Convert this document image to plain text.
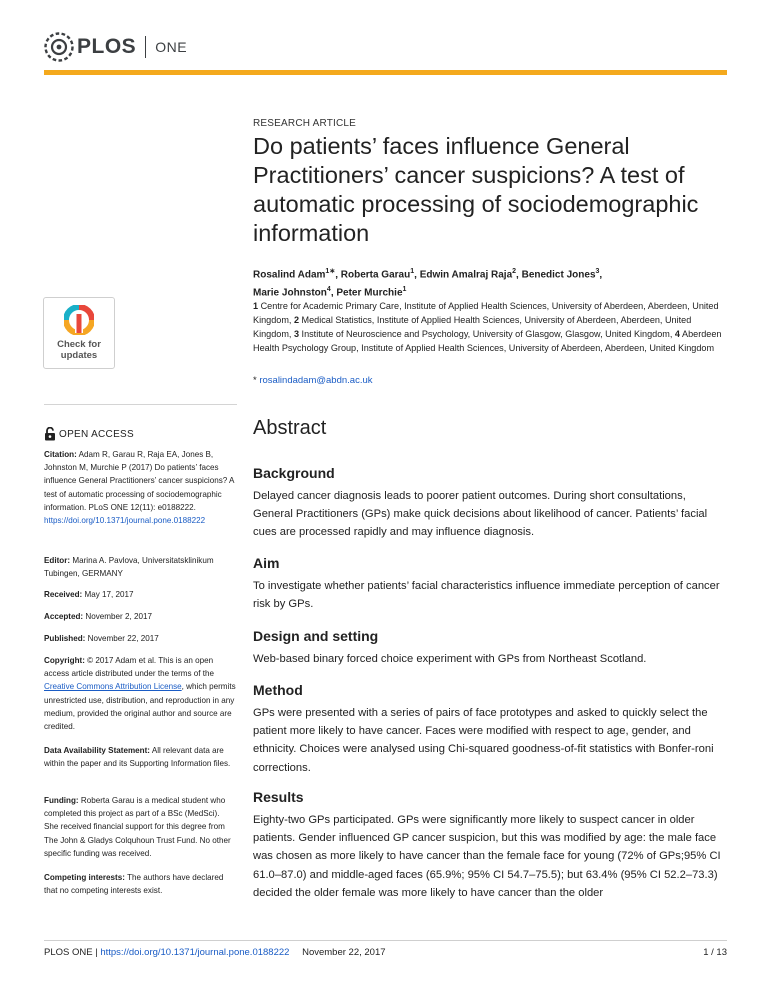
PLOS ONE
Check for updates
OPEN ACCESS

Citation: Adam R, Garau R, Raja EA, Jones B, Johnston M, Murchie P (2017) Do patients’ faces influence General Practitioners’ cancer suspicions? A test of automatic processing of sociodemographic information. PLoS ONE 12(11): e0188222. https://doi.org/10.1371/journal.pone.0188222

Editor: Marina A. Pavlova, Universitatsklinikum Tubingen, GERMANY

Received: May 17, 2017

Accepted: November 2, 2017

Published: November 22, 2017

Copyright: © 2017 Adam et al. This is an open access article distributed under the terms of the Creative Commons Attribution License, which permits unrestricted use, distribution, and reproduction in any medium, provided the original author and source are credited.

Data Availability Statement: All relevant data are within the paper and its Supporting Information files.

Funding: Roberta Garau is a medical student who completed this project as part of a BSc (MedSci). She received financial support for this degree from The John & Gladys Colquhoun Trust Fund. No other specific funding was received.

Competing interests: The authors have declared that no competing interests exist.

RESEARCH ARTICLE
Do patients’ faces influence General Practitioners’ cancer suspicions? A test of automatic processing of sociodemographic information

Rosalind Adam$^{1∗}$, Roberta Garau$^1$, Edwin Amalraj Raja$^2$, Benedict Jones$^3$,
Marie Johnston$^4$, Peter Murchie$^1$

1 Centre for Academic Primary Care, Institute of Applied Health Sciences, University of Aberdeen, Aberdeen, United Kingdom, 2 Medical Statistics, Institute of Applied Health Sciences, University of Aberdeen, Aberdeen, United Kingdom, 3 Institute of Neuroscience and Psychology, University of Glasgow, Glasgow, United Kingdom, 4 Aberdeen Health Psychology Group, Institute of Applied Health Sciences, University of Aberdeen, Aberdeen, United Kingdom

* rosalindadam@abdn.ac.uk
Abstract
Background

Delayed cancer diagnosis leads to poorer patient outcomes. During short consultations, General Practitioners (GPs) make quick decisions about likelihood of cancer. Patients’ facial cues are processed rapidly and may influence diagnosis.

Aim

To investigate whether patients’ facial characteristics influence immediate perception of cancer risk by GPs.

Design and setting

Web-based binary forced choice experiment with GPs from Northeast Scotland.

Method

GPs were presented with a series of pairs of face prototypes and asked to quickly select the patient more likely to have cancer. Faces were modified with respect to age, gender, and ethnicity. Choices were analysed using Chi-squared goodness-of-fit statistics with Bonfer-roni corrections.

Results

Eighty-two GPs participated. GPs were significantly more likely to suspect cancer in older patients. Gender influenced GP cancer suspicion, but this was modified by age: the male face was chosen as more likely to have cancer than the female face for young (72% of GPs;95% CI 61.0–87.0) and middle-aged faces (65.9%; 95% CI 54.7–75.5); but 63.4% (95% CI 52.2–73.3) decided the older female was more likely to have cancer than the older

PLOS ONE | https://doi.org/10.1371/journal.pone.0188222 November 22, 2017	1 / 13
